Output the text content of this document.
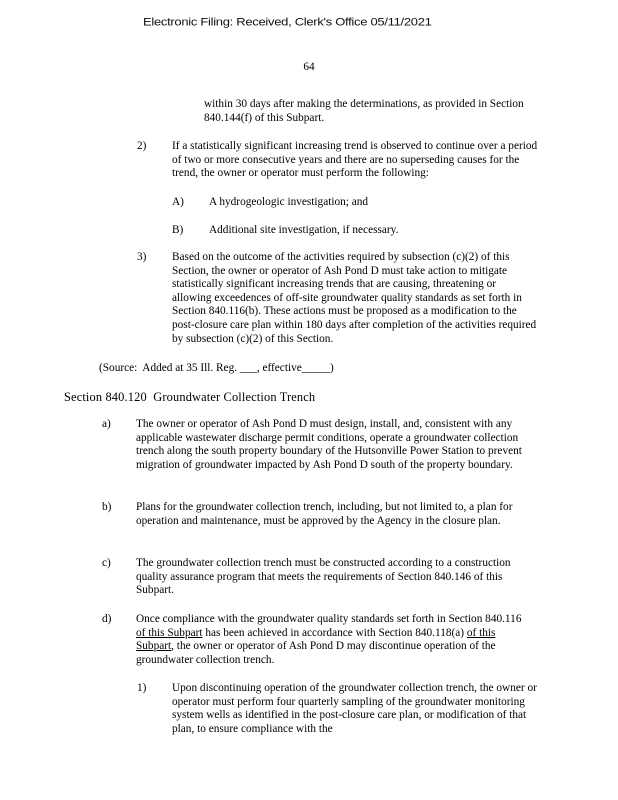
Electronic Filing: Received, Clerk's Office 05/11/2021
64
within 30 days after making the determinations, as provided in Section 840.144(f) of this Subpart.
2)	If a statistically significant increasing trend is observed to continue over a period of two or more consecutive years and there are no superseding causes for the trend, the owner or operator must perform the following:
A)	A hydrogeologic investigation; and
B)	Additional site investigation, if necessary.
3)	Based on the outcome of the activities required by subsection (c)(2) of this Section, the owner or operator of Ash Pond D must take action to mitigate statistically significant increasing trends that are causing, threatening or allowing exceedences of off-site groundwater quality standards as set forth in Section 840.116(b). These actions must be proposed as a modification to the post-closure care plan within 180 days after completion of the activities required by subsection (c)(2) of this Section.
(Source:  Added at 35 Ill. Reg. ___, effective_____)
Section 840.120  Groundwater Collection Trench
a)	The owner or operator of Ash Pond D must design, install, and, consistent with any applicable wastewater discharge permit conditions, operate a groundwater collection trench along the south property boundary of the Hutsonville Power Station to prevent migration of groundwater impacted by Ash Pond D south of the property boundary.
b)	Plans for the groundwater collection trench, including, but not limited to, a plan for operation and maintenance, must be approved by the Agency in the closure plan.
c)	The groundwater collection trench must be constructed according to a construction quality assurance program that meets the requirements of Section 840.146 of this Subpart.
d)	Once compliance with the groundwater quality standards set forth in Section 840.116 of this Subpart has been achieved in accordance with Section 840.118(a) of this Subpart, the owner or operator of Ash Pond D may discontinue operation of the groundwater collection trench.
1)	Upon discontinuing operation of the groundwater collection trench, the owner or operator must perform four quarterly sampling of the groundwater monitoring system wells as identified in the post-closure care plan, or modification of that plan, to ensure compliance with the
